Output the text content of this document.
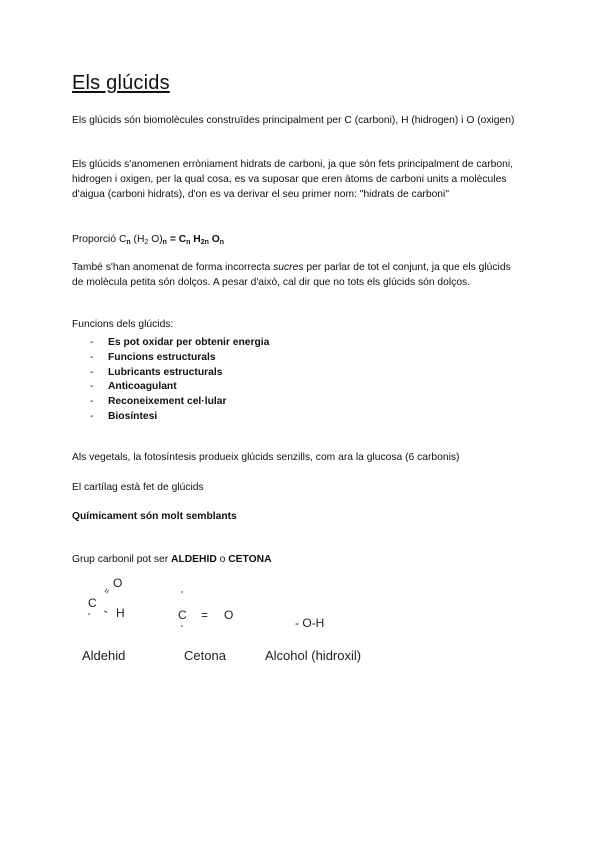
Els glúcids

Els glúcids són biomolècules construïdes principalment per C (carboni), H (hidrogen) i O (oxigen)

Els glúcids s'anomenen erròniament hidrats de carboni, ja que són fets principalment de carboni, hidrogen i oxigen, per la qual cosa, es va suposar que eren àtoms de carboni units a molècules d'aigua (carboni hidrats), d'on es va derivar el seu primer nom: "hidrats de carboni"

Proporció $C_n$ ($H_2$ $O)_n = C_n$ $H_{2n}$ $O_n$

També s'han anomenat de forma incorrecta sucres per parlar de tot el conjunt, ja que els glúcids de molècula petita són dolços. A pesar d'això, cal dir que no tots els glúcids són dolços.

Funcions dels glúcids:
- Es pot oxidar per obtenir energia
- Funcions estructurals
- Lubricants estructurals
- Anticoagulant
- Reconeixement cel·lular
- Biosíntesi

Als vegetals, la fotosíntesis produeix glúcids senzills, com ara la glucosa (6 carbonis)

El cartílag està fet de glúcids

Químicament són molt semblants

Grup carbonil pot ser ALDEHID o CETONA

O
=
C
- H
'
Aldehid
'
C = O
'
Cetona
- O-H
Alcohol (hidroxil)
